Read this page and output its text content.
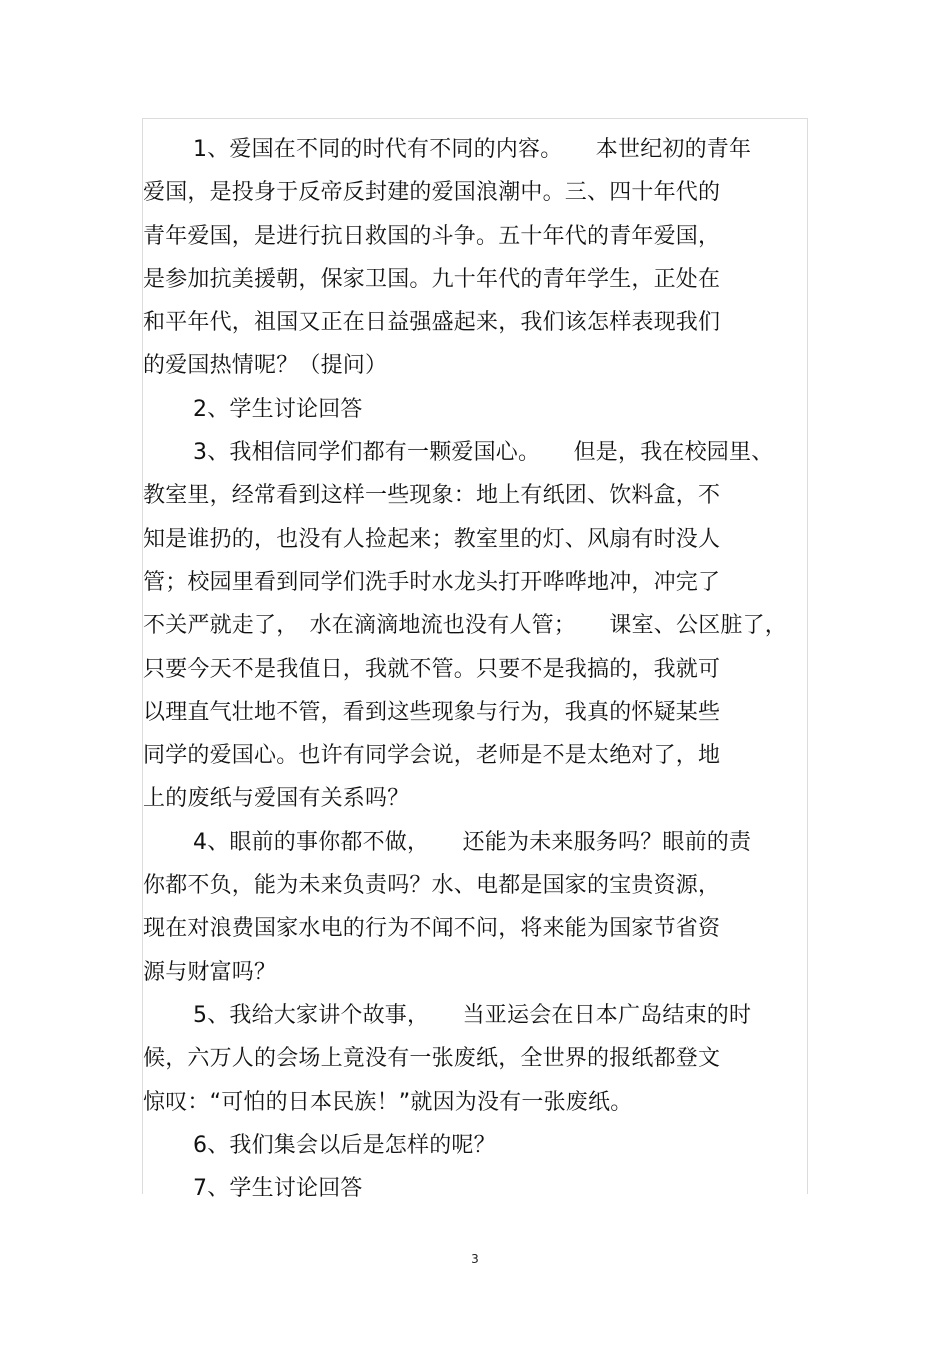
1、爱国在不同的时代有不同的内容。　　本世纪初的青年
爱国，是投身于反帝反封建的爱国浪潮中。三、四十年代的
青年爱国，是进行抗日救国的斗争。五十年代的青年爱国，
是参加抗美援朝，保家卫国。九十年代的青年学生，正处在
和平年代，祖国又正在日益强盛起来，我们该怎样表现我们
的爱国热情呢？（提问）
2、学生讨论回答
3、我相信同学们都有一颗爱国心。　　但是，我在校园里、
教室里，经常看到这样一些现象：地上有纸团、饮料盒，不
知是谁扔的，也没有人捡起来；教室里的灯、风扇有时没人
管；校园里看到同学们洗手时水龙头打开哗哗地冲，冲完了
不关严就走了，　水在滴滴地流也没有人管；　　课室、公区脏了，
只要今天不是我值日，我就不管。只要不是我搞的，我就可
以理直气壮地不管，看到这些现象与行为，我真的怀疑某些
同学的爱国心。也许有同学会说，老师是不是太绝对了，地
上的废纸与爱国有关系吗？
4、眼前的事你都不做，　　还能为未来服务吗？眼前的责
你都不负，能为未来负责吗？水、电都是国家的宝贵资源，
现在对浪费国家水电的行为不闻不问，将来能为国家节省资
源与财富吗？
5、我给大家讲个故事，　　当亚运会在日本广岛结束的时
候，六万人的会场上竟没有一张废纸，全世界的报纸都登文
惊叹：“可怕的日本民族！”就因为没有一张废纸。
6、我们集会以后是怎样的呢？
7、学生讨论回答
3
